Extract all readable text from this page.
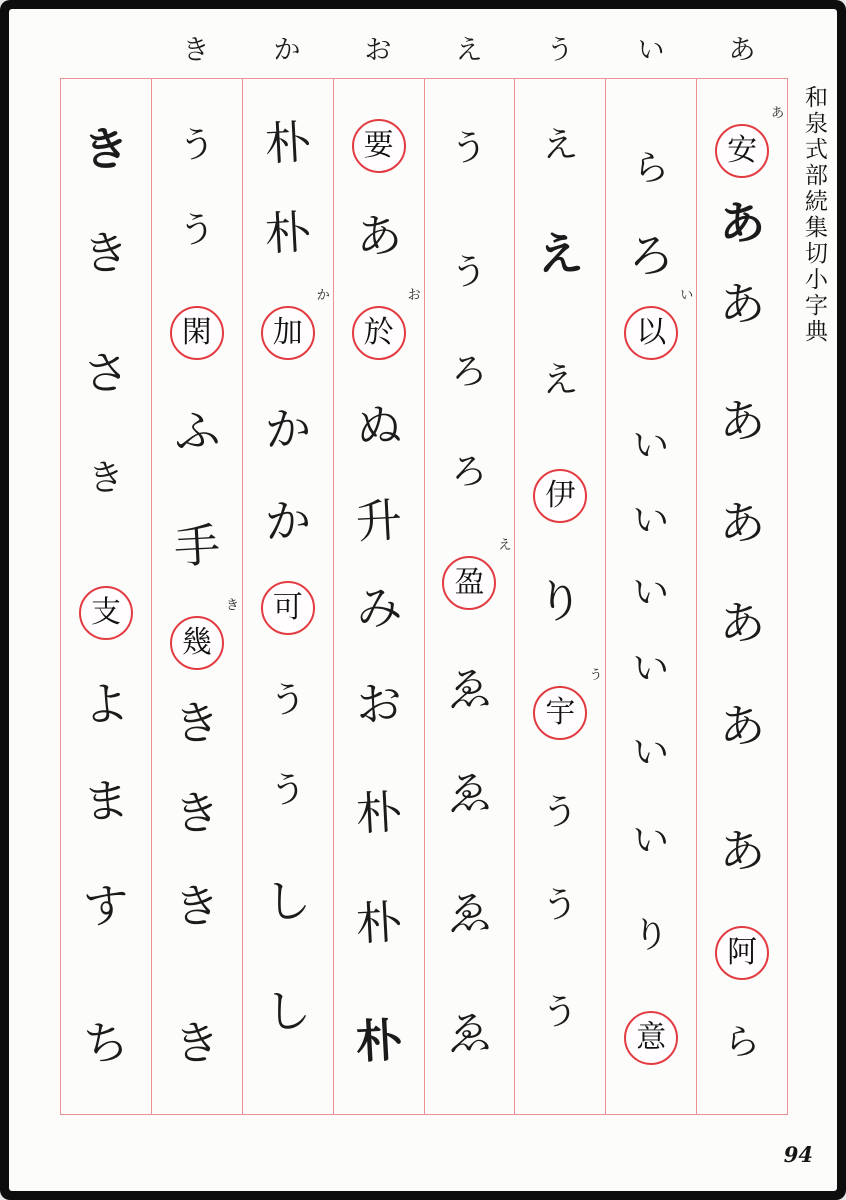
あ
い
う
え
お
か
き
安
あ
あ
あ
あ
あ
あ
あ
あ
阿
ら
ら
ろ
以
い
い
い
い
い
い
い
り
意
え
え
え
伊
り
宇
う
う
う
う
う
う
ろ
ろ
盈
え
ゑ
ゑ
ゑ
ゑ
要
あ
於
お
ぬ
升
み
お
朴
朴
朴
朴
朴
加
か
か
か
可
う
う
し
し
う
う
閑
ふ
手
幾
き
き
き
き
き
き
き
さ
き
支
よ
ま
す
ち
和泉式部続集切小字典
94
